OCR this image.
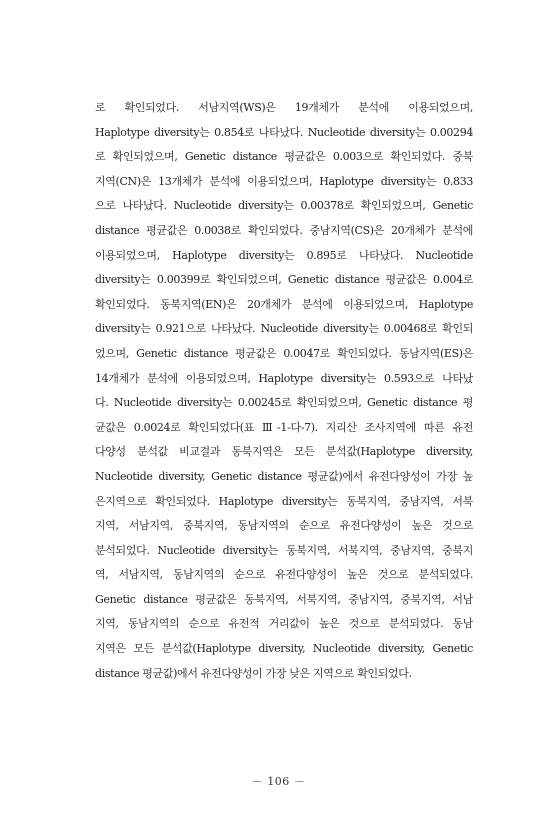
로 확인되었다. 서남지역(WS)은 19개체가 분석에 이용되었으며,
Haplotype diversity는 0.854로 나타났다. Nucleotide diversity는 0.00294
로 확인되었으며, Genetic distance 평균값은 0.003으로 확인되었다. 중북
지역(CN)은 13개체가 분석에 이용되었으며, Haplotype diversity는 0.833
으로 나타났다. Nucleotide diversity는 0.00378로 확인되었으며, Genetic
distance 평균값은 0.0038로 확인되었다. 중남지역(CS)은 20개체가 분석에
이용되었으며, Haplotype diversity는 0.895로 나타났다. Nucleotide
diversity는 0.00399로 확인되었으며, Genetic distance 평균값은 0.004로
확인되었다. 동북지역(EN)은 20개체가 분석에 이용되었으며, Haplotype
diversity는 0.921으로 나타났다. Nucleotide diversity는 0.00468로 확인되
었으며, Genetic distance 평균값은 0.0047로 확인되었다. 동남지역(ES)은
14개체가 분석에 이용되었으며, Haplotype diversity는 0.593으로 나타났
다. Nucleotide diversity는 0.00245로 확인되었으며, Genetic distance 평
균값은 0.0024로 확인되었다(표 Ⅲ-1-다-7). 지리산 조사지역에 따른 유전
다양성 분석값 비교결과 동북지역은 모든 분석값(Haplotype diversity,
Nucleotide diversity, Genetic distance 평균값)에서 유전다양성이 가장 높
은지역으로 확인되었다. Haplotype diversity는 동북지역, 중남지역, 서북
지역, 서남지역, 중북지역, 동남지역의 순으로 유전다양성이 높은 것으로
분석되었다. Nucleotide diversity는 동북지역, 서북지역, 중남지역, 중북지
역, 서남지역, 동남지역의 순으로 유전다양성이 높은 것으로 분석되었다.
Genetic distance 평균값은 동북지역, 서북지역, 중남지역, 중북지역, 서남
지역, 동남지역의 순으로 유전적 거리값이 높은 것으로 분석되었다. 동남
지역은 모든 분석값(Haplotype diversity, Nucleotide diversity, Genetic
distance 평균값)에서 유전다양성이 가장 낮은 지역으로 확인되었다.
－ 106 －
